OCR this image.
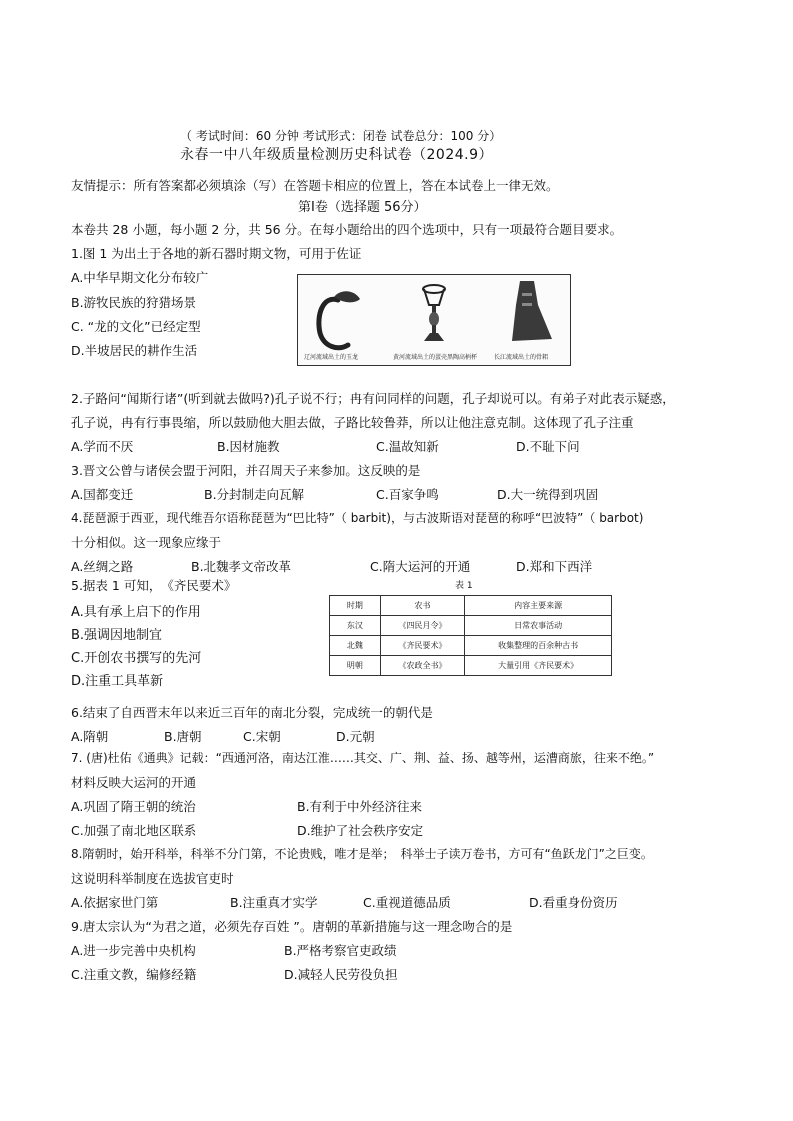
永春一中八年级质量检测历史科试卷（2024.9）
（ 考试时间：60 分钟 考试形式：闭卷 试卷总分：100 分）
友情提示：所有答案都必须填涂（写）在答题卡相应的位置上，答在本试卷上一律无效。
第Ⅰ卷（选择题 56分）
本卷共 28 小题，每小题 2 分，共 56 分。在每小题给出的四个选项中，只有一项最符合题目要求。
1.图 1 为出土于各地的新石器时期文物，可用于佐证
A.中华早期文化分布较广
B.游牧民族的狩猎场景
C. “龙的文化”已经定型
D.半坡居民的耕作生活	辽河流域出土的玉龙	黄河流域出土的蛋壳黑陶高柄杯	长江流域出土的骨耜
2.子路问“闻斯行诸”(听到就去做吗?)孔子说不行；冉有问同样的问题，孔子却说可以。有弟子对此表示疑惑，
孔子说，冉有行事畏缩，所以鼓励他大胆去做，子路比较鲁莽，所以让他注意克制。这体现了孔子注重
A.学而不厌	B.因材施教	C.温故知新	D.不耻下问
3.晋文公曾与诸侯会盟于河阳，并召周天子来参加。这反映的是
A.国都变迁	B.分封制走向瓦解	C.百家争鸣	D.大一统得到巩固
4.琵琶源于西亚，现代维吾尔语称琵琶为“巴比特”（ barbit)，与古波斯语对琵琶的称呼“巴波特”（ barbot)
十分相似。这一现象应缘于
A.丝绸之路	B.北魏孝文帝改革	C.隋大运河的开通	D.郑和下西洋
5.据表 1 可知，　《齐民要术》
A.具有承上启下的作用
B.强调因地制宜
C.开创农书撰写的先河
D.注重工具革新
表 1
时期	农书	内容主要来源
东汉	《四民月令》	日常农事活动
北魏	《齐民要术》	收集整理的百余种古书
明朝	《农政全书》	大量引用《齐民要术》
6.结束了自西晋末年以来近三百年的南北分裂，完成统一的朝代是
A.隋朝	B.唐朝	C.宋朝	D.元朝
7. (唐)杜佑《通典》记载：“西通河洛，南达江淮……其交、广、荆、益、扬、越等州，运漕商旅，往来不绝。”
材料反映大运河的开通
A.巩固了隋王朝的统治	B.有利于中外经济往来
C.加强了南北地区联系	D.维护了社会秩序安定
8.隋朝时，始开科举，科举不分门第，不论贵贱，唯才是举；　科举士子读万卷书，方可有“鱼跃龙门”之巨变。
这说明科举制度在选拔官吏时
A.依据家世门第	B.注重真才实学	C.重视道德品质	D.看重身份资历
9.唐太宗认为“为君之道，必须先存百姓 ”。唐朝的革新措施与这一理念吻合的是
A.进一步完善中央机构	B.严格考察官吏政绩
C.注重文教，编修经籍	D.减轻人民劳役负担
